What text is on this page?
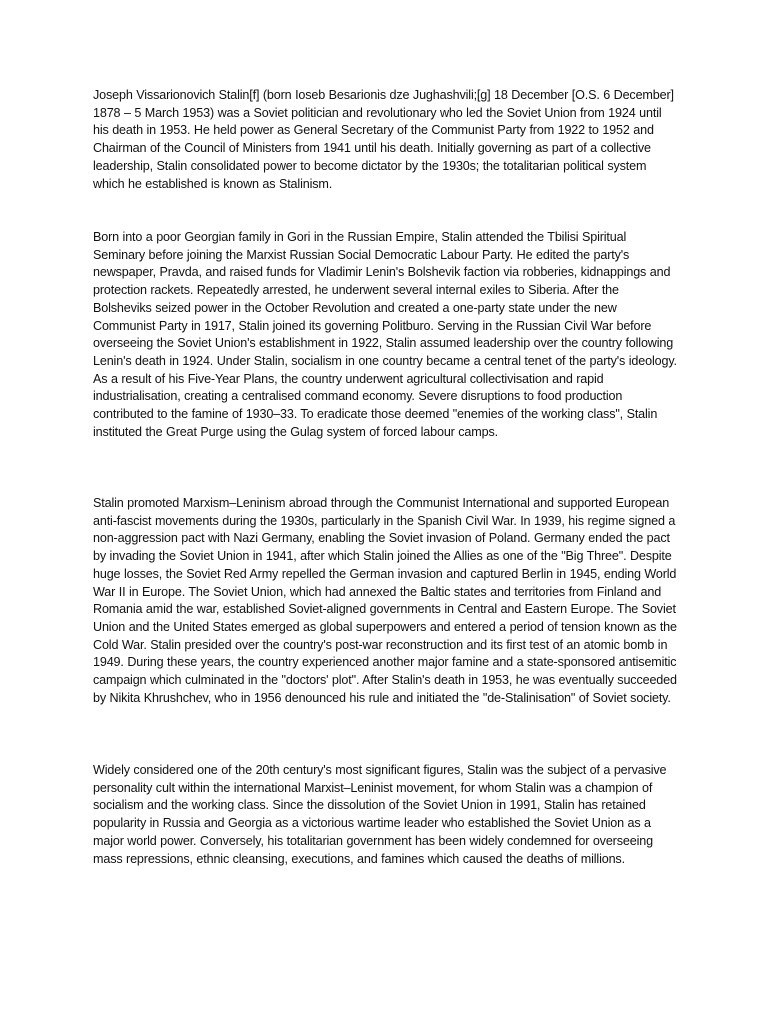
Joseph Vissarionovich Stalin[f] (born Ioseb Besarionis dze Jughashvili;[g] 18 December [O.S. 6 December] 1878 – 5 March 1953) was a Soviet politician and revolutionary who led the Soviet Union from 1924 until his death in 1953. He held power as General Secretary of the Communist Party from 1922 to 1952 and Chairman of the Council of Ministers from 1941 until his death. Initially governing as part of a collective leadership, Stalin consolidated power to become dictator by the 1930s; the totalitarian political system which he established is known as Stalinism.

Born into a poor Georgian family in Gori in the Russian Empire, Stalin attended the Tbilisi Spiritual Seminary before joining the Marxist Russian Social Democratic Labour Party. He edited the party's newspaper, Pravda, and raised funds for Vladimir Lenin's Bolshevik faction via robberies, kidnappings and protection rackets. Repeatedly arrested, he underwent several internal exiles to Siberia. After the Bolsheviks seized power in the October Revolution and created a one-party state under the new Communist Party in 1917, Stalin joined its governing Politburo. Serving in the Russian Civil War before overseeing the Soviet Union's establishment in 1922, Stalin assumed leadership over the country following Lenin's death in 1924. Under Stalin, socialism in one country became a central tenet of the party's ideology. As a result of his Five-Year Plans, the country underwent agricultural collectivisation and rapid industrialisation, creating a centralised command economy. Severe disruptions to food production contributed to the famine of 1930–33. To eradicate those deemed "enemies of the working class", Stalin instituted the Great Purge using the Gulag system of forced labour camps.

Stalin promoted Marxism–Leninism abroad through the Communist International and supported European anti-fascist movements during the 1930s, particularly in the Spanish Civil War. In 1939, his regime signed a non-aggression pact with Nazi Germany, enabling the Soviet invasion of Poland. Germany ended the pact by invading the Soviet Union in 1941, after which Stalin joined the Allies as one of the "Big Three". Despite huge losses, the Soviet Red Army repelled the German invasion and captured Berlin in 1945, ending World War II in Europe. The Soviet Union, which had annexed the Baltic states and territories from Finland and Romania amid the war, established Soviet-aligned governments in Central and Eastern Europe. The Soviet Union and the United States emerged as global superpowers and entered a period of tension known as the Cold War. Stalin presided over the country's post-war reconstruction and its first test of an atomic bomb in 1949. During these years, the country experienced another major famine and a state-sponsored antisemitic campaign which culminated in the "doctors' plot". After Stalin's death in 1953, he was eventually succeeded by Nikita Khrushchev, who in 1956 denounced his rule and initiated the "de-Stalinisation" of Soviet society.

Widely considered one of the 20th century's most significant figures, Stalin was the subject of a pervasive personality cult within the international Marxist–Leninist movement, for whom Stalin was a champion of socialism and the working class. Since the dissolution of the Soviet Union in 1991, Stalin has retained popularity in Russia and Georgia as a victorious wartime leader who established the Soviet Union as a major world power. Conversely, his totalitarian government has been widely condemned for overseeing mass repressions, ethnic cleansing, executions, and famines which caused the deaths of millions.
